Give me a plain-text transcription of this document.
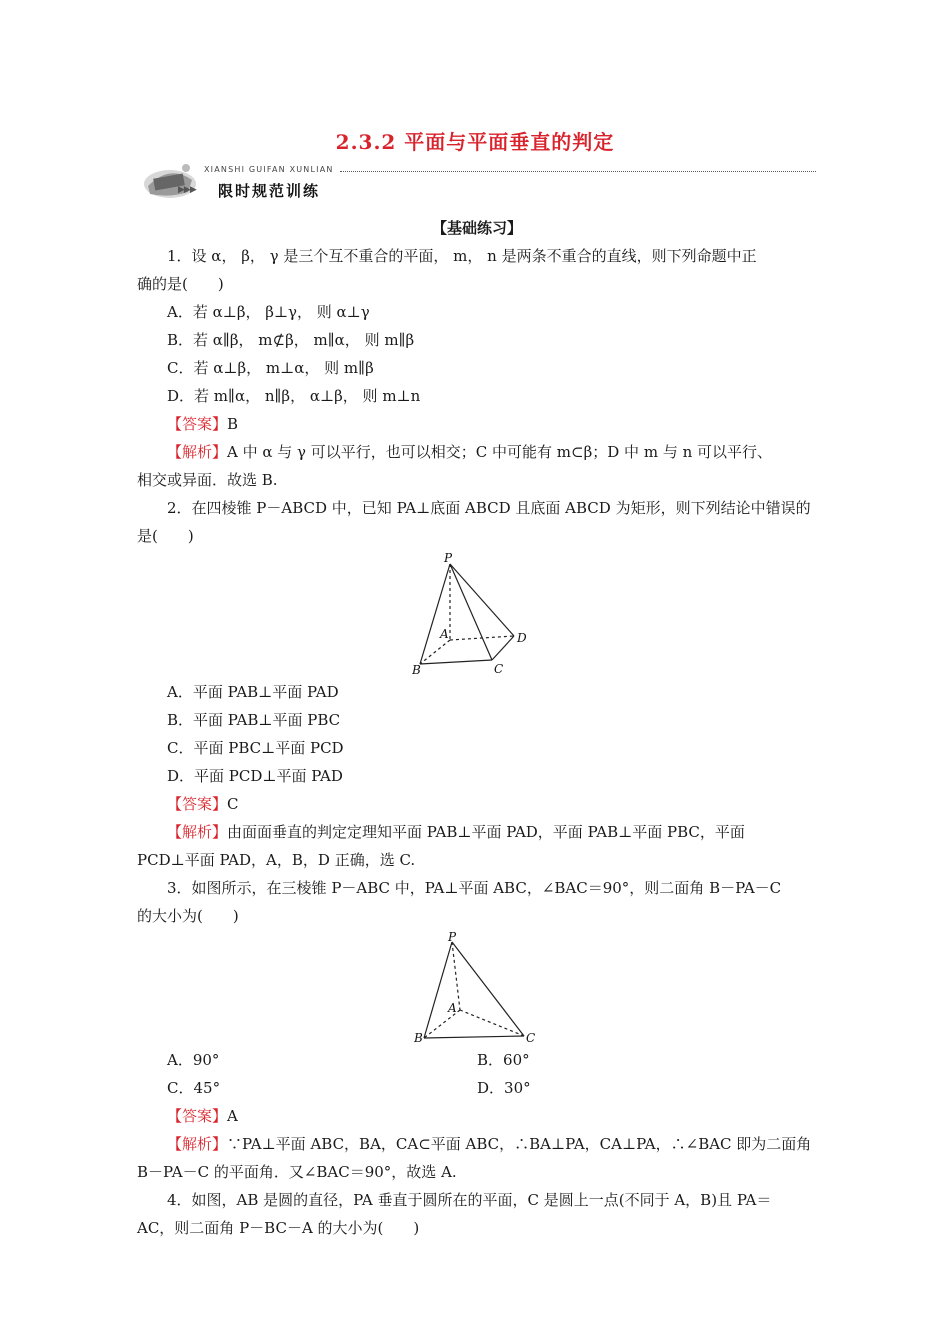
2.3.2 平面与平面垂直的判定
XIANSHI GUIFAN XUNLIAN
▶▶▶ 限时规范训练

【基础练习】

1．设 α， β， γ 是三个互不重合的平面， m， n 是两条不重合的直线，则下列命题中正

确的是(　　)

A．若 α⊥β， β⊥γ， 则 α⊥γ

B．若 α∥β， m⊄β， m∥α， 则 m∥β

C．若 α⊥β， m⊥α， 则 m∥β

D．若 m∥α， n∥β， α⊥β， 则 m⊥n

【答案】B

【解析】A 中 α 与 γ 可以平行，也可以相交；C 中可能有 m⊂β；D 中 m 与 n 可以平行、

相交或异面．故选 B.

2．在四棱锥 P－ABCD 中，已知 PA⊥底面 ABCD 且底面 ABCD 为矩形，则下列结论中错误的

是(　　)

P
A
B	C
D

A．平面 PAB⊥平面 PAD

B．平面 PAB⊥平面 PBC

C．平面 PBC⊥平面 PCD

D．平面 PCD⊥平面 PAD

【答案】C

【解析】由面面垂直的判定定理知平面 PAB⊥平面 PAD，平面 PAB⊥平面 PBC，平面

PCD⊥平面 PAD，A，B，D 正确，选 C.

3．如图所示，在三棱锥 P－ABC 中，PA⊥平面 ABC，∠BAC＝90°，则二面角 B－PA－C

的大小为(　　)

P
A
B	C
A．90°	B．60°
C．45°	D．30°

【答案】A

【解析】∵PA⊥平面 ABC，BA，CA⊂平面 ABC，∴BA⊥PA，CA⊥PA，∴∠BAC 即为二面角

B－PA－C 的平面角．又∠BAC＝90°，故选 A.

4．如图，AB 是圆的直径，PA 垂直于圆所在的平面，C 是圆上一点(不同于 A，B)且 PA＝

AC，则二面角 P－BC－A 的大小为(　　)
